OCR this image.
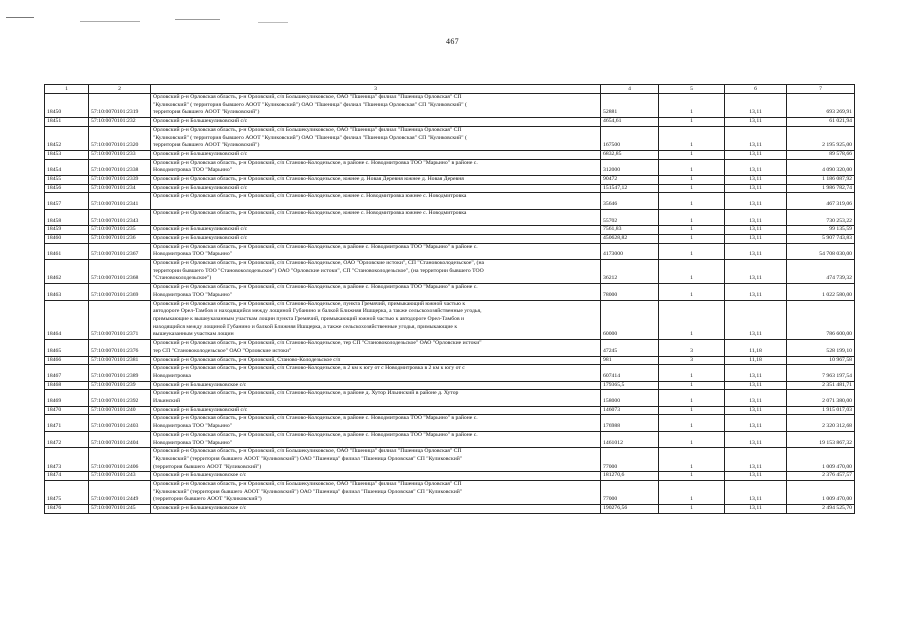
467
1	2	3	4	5	6	7
18450	57:10:0070101:2319	Орловский р-н Орловская область, р-н Орловский, с/п Большекуликовское, ОАО "Пшеница" филиал "Пшеница Орловская" СП
"Куликовский" ( территория бывшего АООТ "Куликовский") ОАО "Пшеница" филиал "Пшеница Орловская" СП "Куликовский" (
территория бывшего АООТ "Куликовский")	52881	1	13,11	693 269,91
18451	57:10:0070101:232	Орловский р-н Большекуликовский с/с	4654,61	1	13,11	61 021,94
18452	57:10:0070101:2320	Орловский р-н Орловская область, р-н Орловский, с/п Большекуликовское, ОАО "Пшеница" филиал "Пшеница Орловская" СП
"Куликовский" ( территория бывшего АООТ "Куликовский") ОАО "Пшеница" филиал "Пшеница Орловская" СП "Куликовский" (
территория бывшего АООТ "Куликовский")	167500	1	13,11	2 195 925,00
18453	57:10:0070101:233	Орловский р-н Большекуликовский с/с	6832,85	1	13,11	89 578,66
18454	57:10:0070101:2338	Орловский р-н Орловская область, р-н Орловский, с/п Становo-Колодезьское, в районе с. Новодмитровка ТОО "Марьино" в районе с.
Новодмитровка ТОО "Марьино"	312000	1	13,11	4 090 320,00
18455	57:10:0070101:2339	Орловский р-н Орловская область, р-н Орловский, с/п Станово-Колодезьское, южнее д. Новая Деревня южнее д. Новая Деревня	90472	1	13,11	1 186 087,92
18456	57:10:0070101:234	Орловский р-н Большекуликовский с/с	151547,12	1	13,11	1 986 782,74
18457	57:10:0070101:2341	Орловский р-н Орловская область, р-н Орловский, с/п Станово-Колодезьское, южнее с. Новодмитровка южнее с. Новодмитровка	35646	1	13,11	467 319,06
18458	57:10:0070101:2343	Орловский р-н Орловская область, р-н Орловский, с/п Станово-Колодезьское, южнее с. Новодмитровка южнее с. Новодмитровка	55702	1	13,11	730 253,22
18459	57:10:0070101:235	Орловский р-н Большекуликовский с/с	7561,83	1	13,11	99 135,59
18460	57:10:0070101:236	Орловский р-н Большекуликовский с/с	450628,82	1	13,11	5 907 743,83
18461	57:10:0070101:2367	Орловский р-н Орловская область, р-н Орловский, с/п Станово-Колодезьское, в районе с. Новодмитровка ТОО "Марьино" в районе с.
Новодмитровка ТОО "Марьино"	4173000	1	13,11	54 708 030,00
18462	57:10:0070101:2368	Орловский р-н Орловская область, р-н Орловский, с/п Станово-Колодезьское, ОАО "Орловские истоки", СП "Становоколодезьское", (на
территории бывшего ТОО "Становоколодезьское") ОАО "Орловские истоки", СП "Становоколодезьское", (на территории бывшего ТОО
"Становоколодезьское")	36212	1	13,11	474 739,32
18463	57:10:0070101:2369	Орловский р-н Орловская область, р-н Орловский, с/п Станово-Колодезьское, в районе с. Новодмитровка ТОО "Марьино" в районе с.
Новодмитровка ТОО "Марьино"	78000	1	13,11	1 022 580,00
18464	57:10:0070101:2371	Орловский р-н Орловская область, р-н Орловский, с/п Станово-Колодезьское, пункта Гремячий, примыкающий южной частью к
автодороге Орел-Тамбов и находящийся между лощиной Губанино и балкой Ближняя Ишщерка, а также сельскохозяйственные угодья,
примыкающие к вышеуказанным участкам лощин пункта Гремячий, примыкающий южной частью к автодороге Орел-Тамбов и
находящийся между лощиной Губанино и балкой Ближняя Ишщерка, а также сельскохозяйственные угодья, примыкающие к
вышеуказанным участкам лощин	60000	1	13,11	786 600,00
18465	57:10:0070101:2376	Орловский р-н Орловская область, р-н Орловский, с/п Станово-Колодезьское, тер СП "Становоколодезьское" ОАО "Орловские истоки"
тер СП "Становоколодезьское" ОАО "Орловские истоки"	47245	3	11,18	528 199,10
18466	57:10:0070101:2381	Орловский р-н Орловская область, р-н Орловский, Станово-Колодезьское с/п	981	3	11,18	10 967,58
18467	57:10:0070101:2389	Орловский р-н Орловская область, р-н Орловский, с/п Станово-Колодезьское, в 2 км к югу от с Новодмитровка в 2 км к югу от с
Новодмитровка	607414	1	13,11	7 963 197,54
18468	57:10:0070101:239	Орловский р-н Большекуликовское с/с	179365,5	1	13,11	2 351 481,71
18469	57:10:0070101:2392	Орловский р-н Орловская область, р-н Орловский, с/п Станово-Колодезьское, в районе д. Хутор Ильинский в районе д. Хутор
Ильинский	158000	1	13,11	2 071 380,00
18470	57:10:0070101:240	Орловский р-н Большекуликовский с/с	146073	1	13,11	1 915 017,03
18471	57:10:0070101:2403	Орловский р-н Орловская область, р-н Орловский, с/п Станово-Колодезьское, в районе с. Новодмитровка ТОО "Марьино" в районе с.
Новодмитровка ТОО "Марьино"	176988	1	13,11	2 320 312,68
18472	57:10:0070101:2404	Орловский р-н Орловская область, р-н Орловский, с/п Станово-Колодезьское, в районе с. Новодмитровка ТОО "Марьино" в районе с.
Новодмитровка ТОО "Марьино"	1461012	1	13,11	19 153 867,32
18473	57:10:0070101:2406	Орловский р-н Орловская область, р-н Орловский, с/п Большекуликовское, ОАО "Пшеница" филиал "Пшеница Орловская" СП
"Куликовский" (территория бывшего АООТ "Куликовский") ОАО "Пшеница" филиал "Пшеница Орловская" СП "Куликовский"
(территория бывшего АООТ "Куликовский")	77000	1	13,11	1 009 470,00
18474	57:10:0070101:243	Орловский р-н Большекуликовское с/с	181270,6	1	13,11	2 376 457,57
18475	57:10:0070101:2449	Орловский р-н Орловская область, р-н Орловский, с/п Большекуликовское, ОАО "Пшеница" филиал "Пшеница Орловская" СП
"Куликовский" (территория бывшего АООТ "Куликовский") ОАО "Пшеница" филиал "Пшеница Орловская" СП "Куликовский"
(территории бывшего АООТ "Куликовский")	77000	1	13,11	1 009 470,00
18476	57:10:0070101:245	Орловский р-н Большекуликовское с/с	190276,56	1	13,11	2 494 525,70
